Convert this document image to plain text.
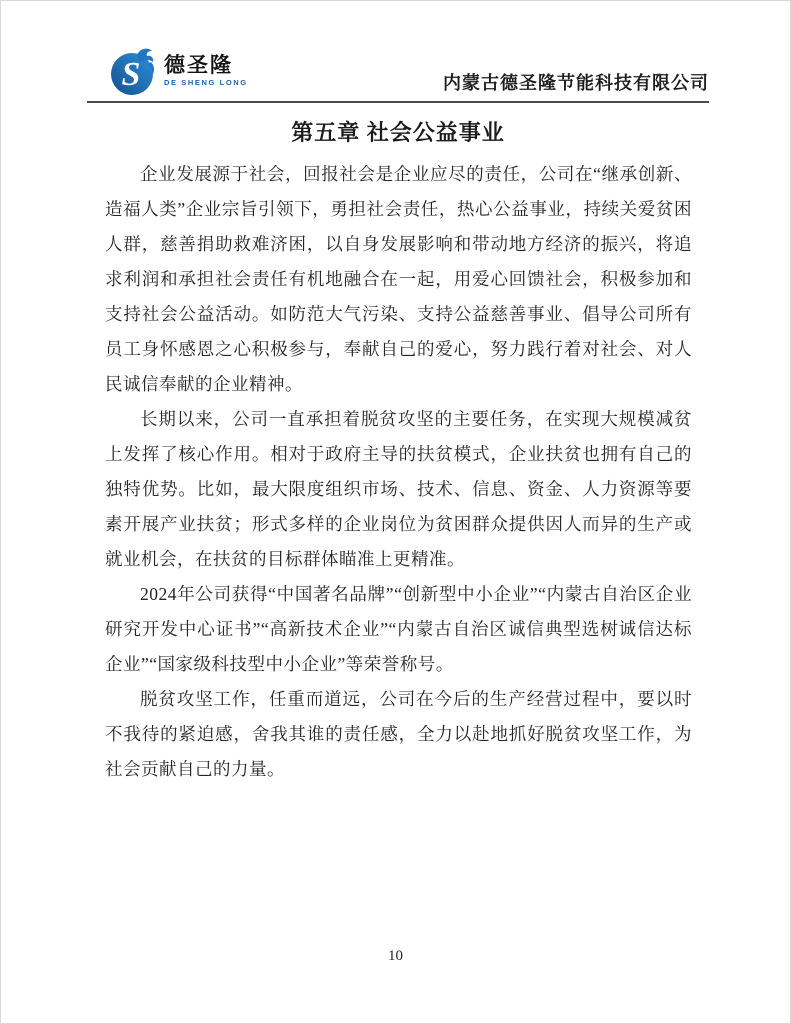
S 德圣隆
DE SHENG LONG	内蒙古德圣隆节能科技有限公司
第五章 社会公益事业

企业发展源于社会，回报社会是企业应尽的责任，公司在“继承创新、造福人类”企业宗旨引领下，勇担社会责任，热心公益事业，持续关爱贫困人群，慈善捐助救难济困，以自身发展影响和带动地方经济的振兴，将追求利润和承担社会责任有机地融合在一起，用爱心回馈社会，积极参加和支持社会公益活动。如防范大气污染、支持公益慈善事业、倡导公司所有员工身怀感恩之心积极参与，奉献自己的爱心，努力践行着对社会、对人民诚信奉献的企业精神。

长期以来，公司一直承担着脱贫攻坚的主要任务，在实现大规模减贫上发挥了核心作用。相对于政府主导的扶贫模式，企业扶贫也拥有自己的独特优势。比如，最大限度组织市场、技术、信息、资金、人力资源等要素开展产业扶贫；形式多样的企业岗位为贫困群众提供因人而异的生产或就业机会，在扶贫的目标群体瞄准上更精准。

2024年公司获得“中国著名品牌”“创新型中小企业”“内蒙古自治区企业研究开发中心证书”“高新技术企业”“内蒙古自治区诚信典型选树诚信达标企业”“国家级科技型中小企业”等荣誉称号。

脱贫攻坚工作，任重而道远，公司在今后的生产经营过程中，要以时不我待的紧迫感，舍我其谁的责任感，全力以赴地抓好脱贫攻坚工作，为社会贡献自己的力量。

10
